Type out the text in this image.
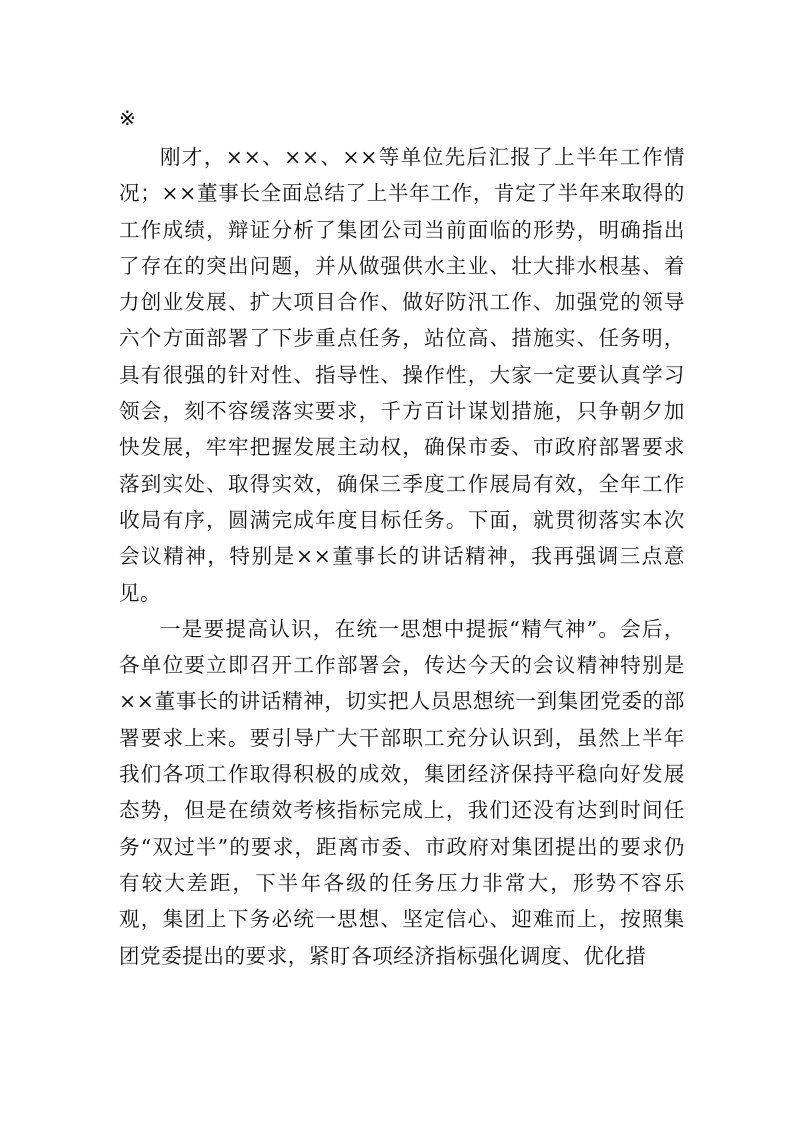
※

刚才，××、××、××等单位先后汇报了上半年工作情况；××董事长全面总结了上半年工作，肯定了半年来取得的工作成绩，辩证分析了集团公司当前面临的形势，明确指出了存在的突出问题，并从做强供水主业、壮大排水根基、着力创业发展、扩大项目合作、做好防汛工作、加强党的领导六个方面部署了下步重点任务，站位高、措施实、任务明，具有很强的针对性、指导性、操作性，大家一定要认真学习领会，刻不容缓落实要求，千方百计谋划措施，只争朝夕加快发展，牢牢把握发展主动权，确保市委、市政府部署要求落到实处、取得实效，确保三季度工作展局有效，全年工作收局有序，圆满完成年度目标任务。下面，就贯彻落实本次会议精神，特别是××董事长的讲话精神，我再强调三点意见。

一是要提高认识，在统一思想中提振“精气神”。会后，各单位要立即召开工作部署会，传达今天的会议精神特别是××董事长的讲话精神，切实把人员思想统一到集团党委的部署要求上来。要引导广大干部职工充分认识到，虽然上半年我们各项工作取得积极的成效，集团经济保持平稳向好发展态势，但是在绩效考核指标完成上，我们还没有达到时间任务“双过半”的要求，距离市委、市政府对集团提出的要求仍有较大差距，下半年各级的任务压力非常大，形势不容乐观，集团上下务必统一思想、坚定信心、迎难而上，按照集团党委提出的要求，紧盯各项经济指标强化调度、优化措
